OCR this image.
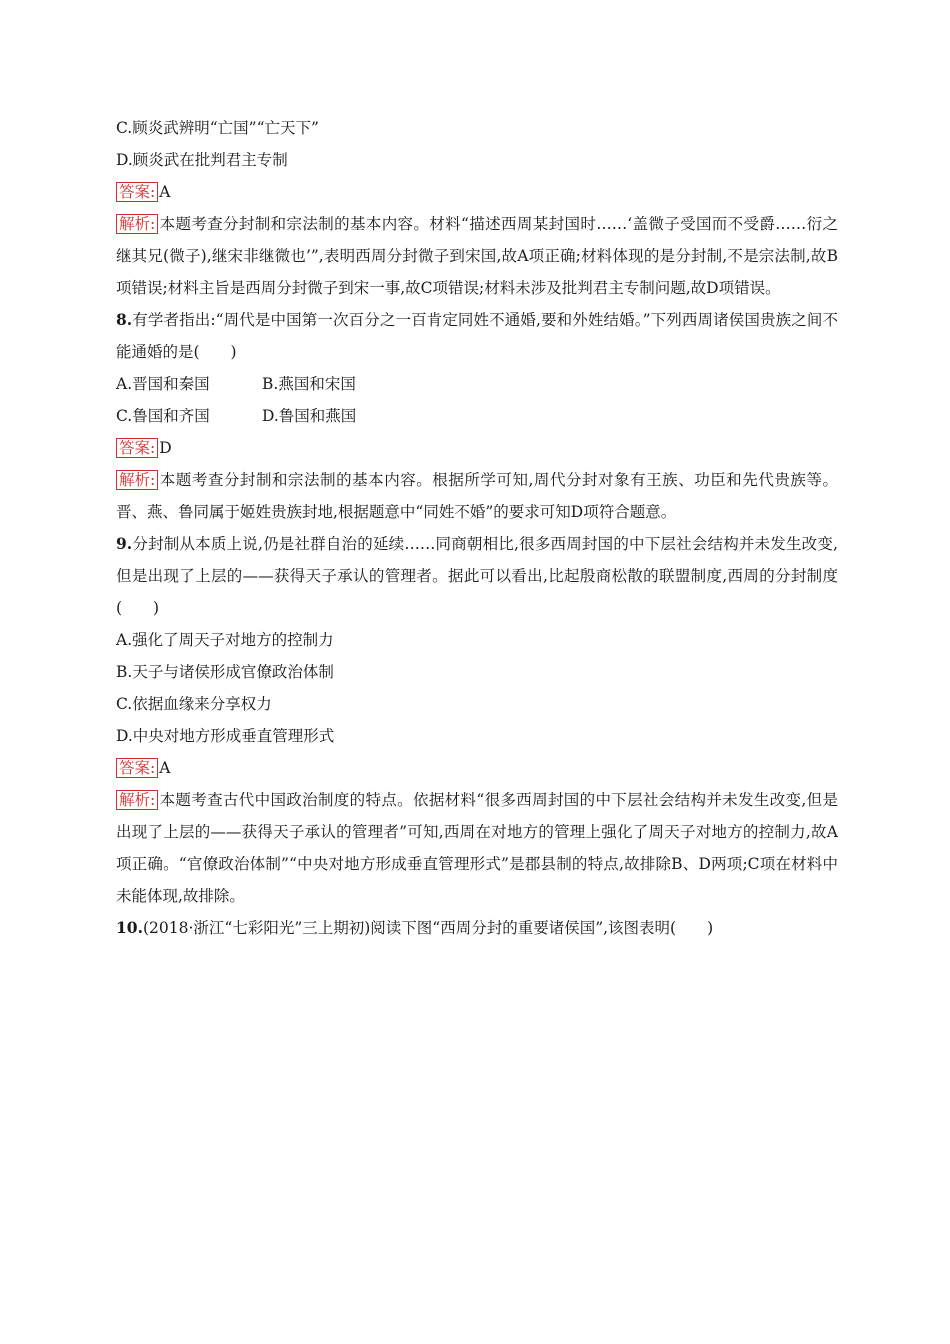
C.顾炎武辨明“亡国”“亡天下”
D.顾炎武在批判君主专制
答案: A
解析: 本题考查分封制和宗法制的基本内容。材料“描述西周某封国时……‘盖微子受国而不受爵……衍之继其兄(微子),继宋非继微也’”,表明西周分封微子到宋国,故A项正确;材料体现的是分封制,不是宗法制,故B项错误;材料主旨是西周分封微子到宋一事,故C项错误;材料未涉及批判君主专制问题,故D项错误。
8.有学者指出:“周代是中国第一次百分之一百肯定同姓不通婚,要和外姓结婚。”下列西周诸侯国贵族之间不能通婚的是(　　)
A.晋国和秦国	B.燕国和宋国
C.鲁国和齐国	D.鲁国和燕国
答案: D
解析: 本题考查分封制和宗法制的基本内容。根据所学可知,周代分封对象有王族、功臣和先代贵族等。晋、燕、鲁同属于姬姓贵族封地,根据题意中“同姓不婚”的要求可知D项符合题意。
9.分封制从本质上说,仍是社群自治的延续……同商朝相比,很多西周封国的中下层社会结构并未发生改变,但是出现了上层的——获得天子承认的管理者。据此可以看出,比起殷商松散的联盟制度,西周的分封制度(　　)
A.强化了周天子对地方的控制力
B.天子与诸侯形成官僚政治体制
C.依据血缘来分享权力
D.中央对地方形成垂直管理形式
答案: A
解析: 本题考查古代中国政治制度的特点。依据材料“很多西周封国的中下层社会结构并未发生改变,但是出现了上层的——获得天子承认的管理者”可知,西周在对地方的管理上强化了周天子对地方的控制力,故A项正确。“官僚政治体制”“中央对地方形成垂直管理形式”是郡县制的特点,故排除B、D两项;C项在材料中未能体现,故排除。
10.(2018·浙江“七彩阳光”三上期初)阅读下图“西周分封的重要诸侯国”,该图表明(　　)
